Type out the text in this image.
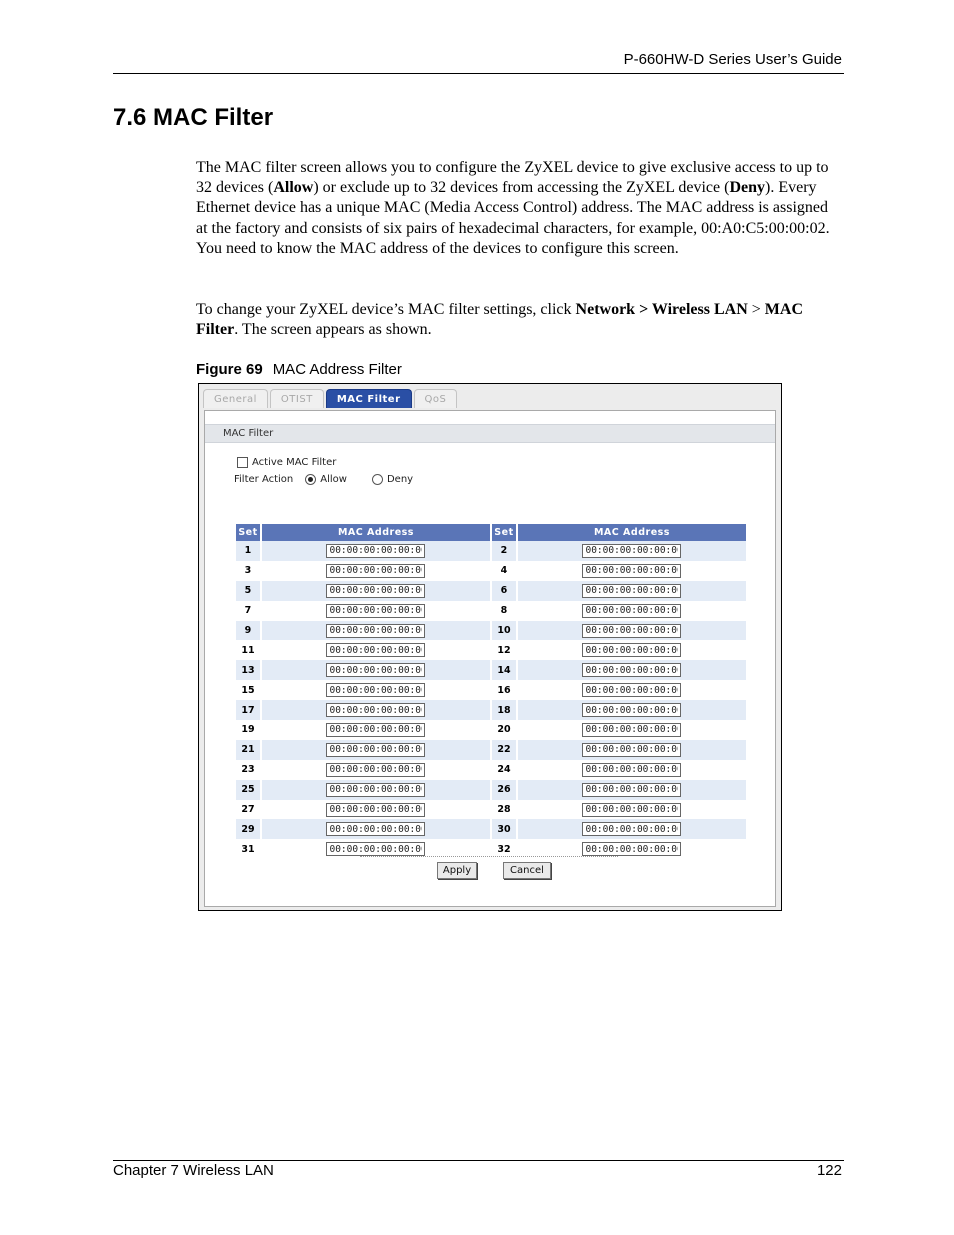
P-660HW-D Series User’s Guide
7.6 MAC Filter

The MAC filter screen allows you to configure the ZyXEL device to give exclusive access to up to 32 devices (Allow) or exclude up to 32 devices from accessing the ZyXEL device (Deny). Every Ethernet device has a unique MAC (Media Access Control) address. The MAC address is assigned at the factory and consists of six pairs of hexadecimal characters, for example, 00:A0:C5:00:00:02. You need to know the MAC address of the devices to configure this screen.

To change your ZyXEL device’s MAC filter settings, click Network > Wireless LAN > MAC Filter. The screen appears as shown.

Figure 69 MAC Address Filter
General	OTIST	MAC Filter	QoS
MAC Filter
Active MAC Filter
Filter Action	Allow	Deny
Set	MAC Address	Set	MAC Address
1	00:00:00:00:00:00	2	00:00:00:00:00:00
3	00:00:00:00:00:00	4	00:00:00:00:00:00
5	00:00:00:00:00:00	6	00:00:00:00:00:00
7	00:00:00:00:00:00	8	00:00:00:00:00:00
9	00:00:00:00:00:00	10	00:00:00:00:00:00
11	00:00:00:00:00:00	12	00:00:00:00:00:00
13	00:00:00:00:00:00	14	00:00:00:00:00:00
15	00:00:00:00:00:00	16	00:00:00:00:00:00
17	00:00:00:00:00:00	18	00:00:00:00:00:00
19	00:00:00:00:00:00	20	00:00:00:00:00:00
21	00:00:00:00:00:00	22	00:00:00:00:00:00
23	00:00:00:00:00:00	24	00:00:00:00:00:00
25	00:00:00:00:00:00	26	00:00:00:00:00:00
27	00:00:00:00:00:00	28	00:00:00:00:00:00
29	00:00:00:00:00:00	30	00:00:00:00:00:00
31	00:00:00:00:00:00	32	00:00:00:00:00:00
Apply	Cancel
Chapter 7 Wireless LAN	122
